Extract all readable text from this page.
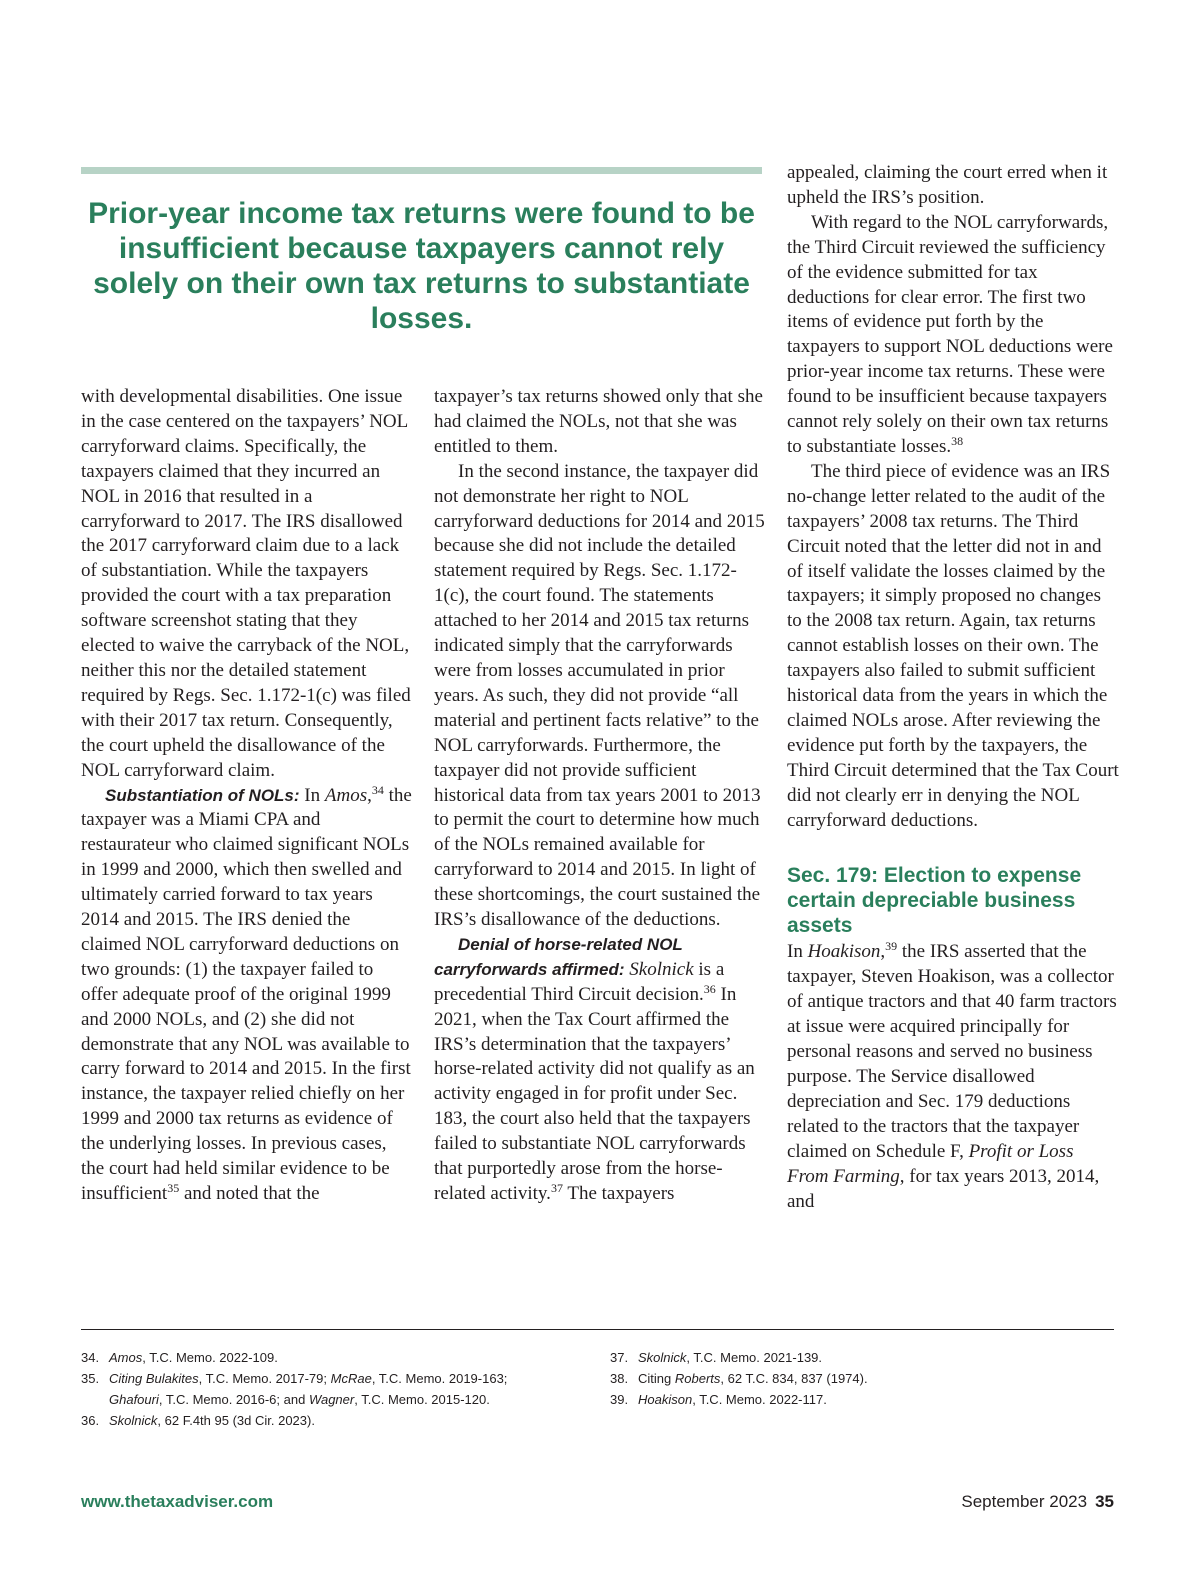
Prior-year income tax returns were found to be insufficient because taxpayers cannot rely solely on their own tax returns to substantiate losses.

with developmental disabilities. One issue in the case centered on the taxpayers’ NOL carryforward claims. Specifically, the taxpayers claimed that they incurred an NOL in 2016 that resulted in a carryforward to 2017. The IRS disallowed the 2017 carryforward claim due to a lack of substantiation. While the taxpayers provided the court with a tax preparation software screenshot stating that they elected to waive the carryback of the NOL, neither this nor the detailed statement required by Regs. Sec. 1.172-1(c) was filed with their 2017 tax return. Consequently, the court upheld the disallowance of the NOL carryforward claim.

Substantiation of NOLs: In Amos,$^{34}$ the taxpayer was a Miami CPA and restaurateur who claimed significant NOLs in 1999 and 2000, which then swelled and ultimately carried forward to tax years 2014 and 2015. The IRS denied the claimed NOL carryforward deductions on two grounds: (1) the taxpayer failed to offer adequate proof of the original 1999 and 2000 NOLs, and (2) she did not demonstrate that any NOL was available to carry forward to 2014 and 2015. In the first instance, the taxpayer relied chiefly on her 1999 and 2000 tax returns as evidence of the underlying losses. In previous cases, the court had held similar evidence to be insufficient$^{35}$ and noted that the

taxpayer’s tax returns showed only that she had claimed the NOLs, not that she was entitled to them.

In the second instance, the taxpayer did not demonstrate her right to NOL carryforward deductions for 2014 and 2015 because she did not include the detailed statement required by Regs. Sec. 1.172-1(c), the court found. The statements attached to her 2014 and 2015 tax returns indicated simply that the carryforwards were from losses accumulated in prior years. As such, they did not provide “all material and pertinent facts relative” to the NOL carryforwards. Furthermore, the taxpayer did not provide sufficient historical data from tax years 2001 to 2013 to permit the court to determine how much of the NOLs remained available for carryforward to 2014 and 2015. In light of these shortcomings, the court sustained the IRS’s disallowance of the deductions.

Denial of horse-related NOL carryforwards affirmed: Skolnick is a precedential Third Circuit decision.$^{36}$ In 2021, when the Tax Court affirmed the IRS’s determination that the taxpayers’ horse-related activity did not qualify as an activity engaged in for profit under Sec. 183, the court also held that the taxpayers failed to substantiate NOL carryforwards that purportedly arose from the horse-related activity.$^{37}$ The taxpayers

appealed, claiming the court erred when it upheld the IRS’s position.

With regard to the NOL carryforwards, the Third Circuit reviewed the sufficiency of the evidence submitted for tax deductions for clear error. The first two items of evidence put forth by the taxpayers to support NOL deductions were prior-year income tax returns. These were found to be insufficient because taxpayers cannot rely solely on their own tax returns to substantiate losses.$^{38}$

The third piece of evidence was an IRS no-change letter related to the audit of the taxpayers’ 2008 tax returns. The Third Circuit noted that the letter did not in and of itself validate the losses claimed by the taxpayers; it simply proposed no changes to the 2008 tax return. Again, tax returns cannot establish losses on their own. The taxpayers also failed to submit sufficient historical data from the years in which the claimed NOLs arose. After reviewing the evidence put forth by the taxpayers, the Third Circuit determined that the Tax Court did not clearly err in denying the NOL carryforward deductions.

Sec. 179: Election to expense certain depreciable business assets

In Hoakison,$^{39}$ the IRS asserted that the taxpayer, Steven Hoakison, was a collector of antique tractors and that 40 farm tractors at issue were acquired principally for personal reasons and served no business purpose. The Service disallowed depreciation and Sec. 179 deductions related to the tractors that the taxpayer claimed on Schedule F, Profit or Loss From Farming, for tax years 2013, 2014, and

34. Amos, T.C. Memo. 2022-109.
35. Citing Bulakites, T.C. Memo. 2017-79; McRae, T.C. Memo. 2019-163;
Ghafouri, T.C. Memo. 2016-6; and Wagner, T.C. Memo. 2015-120.
36. Skolnick, 62 F.4th 95 (3d Cir. 2023).
37. Skolnick, T.C. Memo. 2021-139.
38. Citing Roberts, 62 T.C. 834, 837 (1974).
39. Hoakison, T.C. Memo. 2022-117.
www.thetaxadviser.com	September 2023 35
